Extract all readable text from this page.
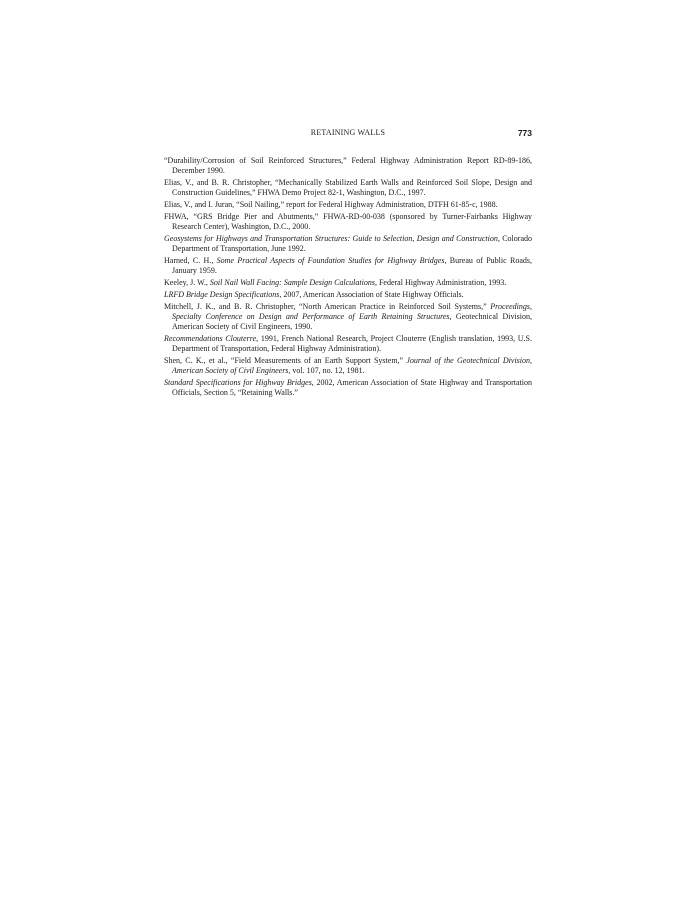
RETAINING WALLS	773

“Durability/Corrosion of Soil Reinforced Structures,” Federal Highway Administration Report RD-89-186, December 1990.

Elias, V., and B. R. Christopher, “Mechanically Stabilized Earth Walls and Reinforced Soil Slope, Design and Construction Guidelines,” FHWA Demo Project 82-1, Washington, D.C., 1997.

Elias, V., and I. Juran, “Soil Nailing,” report for Federal Highway Administration, DTFH 61-85-c, 1988.

FHWA, “GRS Bridge Pier and Abutments,” FHWA-RD-00-038 (sponsored by Turner-Fairbanks Highway Research Center), Washington, D.C., 2000.

Geosystems for Highways and Transportation Structures: Guide to Selection, Design and Construction, Colorado Department of Transportation, June 1992.

Harned, C. H., Some Practical Aspects of Foundation Studies for Highway Bridges, Bureau of Public Roads, January 1959.

Keeley, J. W., Soil Nail Wall Facing: Sample Design Calculations, Federal Highway Administration, 1993.

LRFD Bridge Design Specifications, 2007, American Association of State Highway Officials.

Mitchell, J. K., and B. R. Christopher, “North American Practice in Reinforced Soil Systems,” Proceedings, Specialty Conference on Design and Performance of Earth Retaining Structures, Geotechnical Division, American Society of Civil Engineers, 1990.

Recommendations Clouterre, 1991, French National Research, Project Clouterre (English translation, 1993, U.S. Department of Transportation, Federal Highway Administration).

Shen, C. K., et al., “Field Measurements of an Earth Support System,” Journal of the Geotechnical Division, American Society of Civil Engineers, vol. 107, no. 12, 1981.

Standard Specifications for Highway Bridges, 2002, American Association of State Highway and Transportation Officials, Section 5, “Retaining Walls.”
